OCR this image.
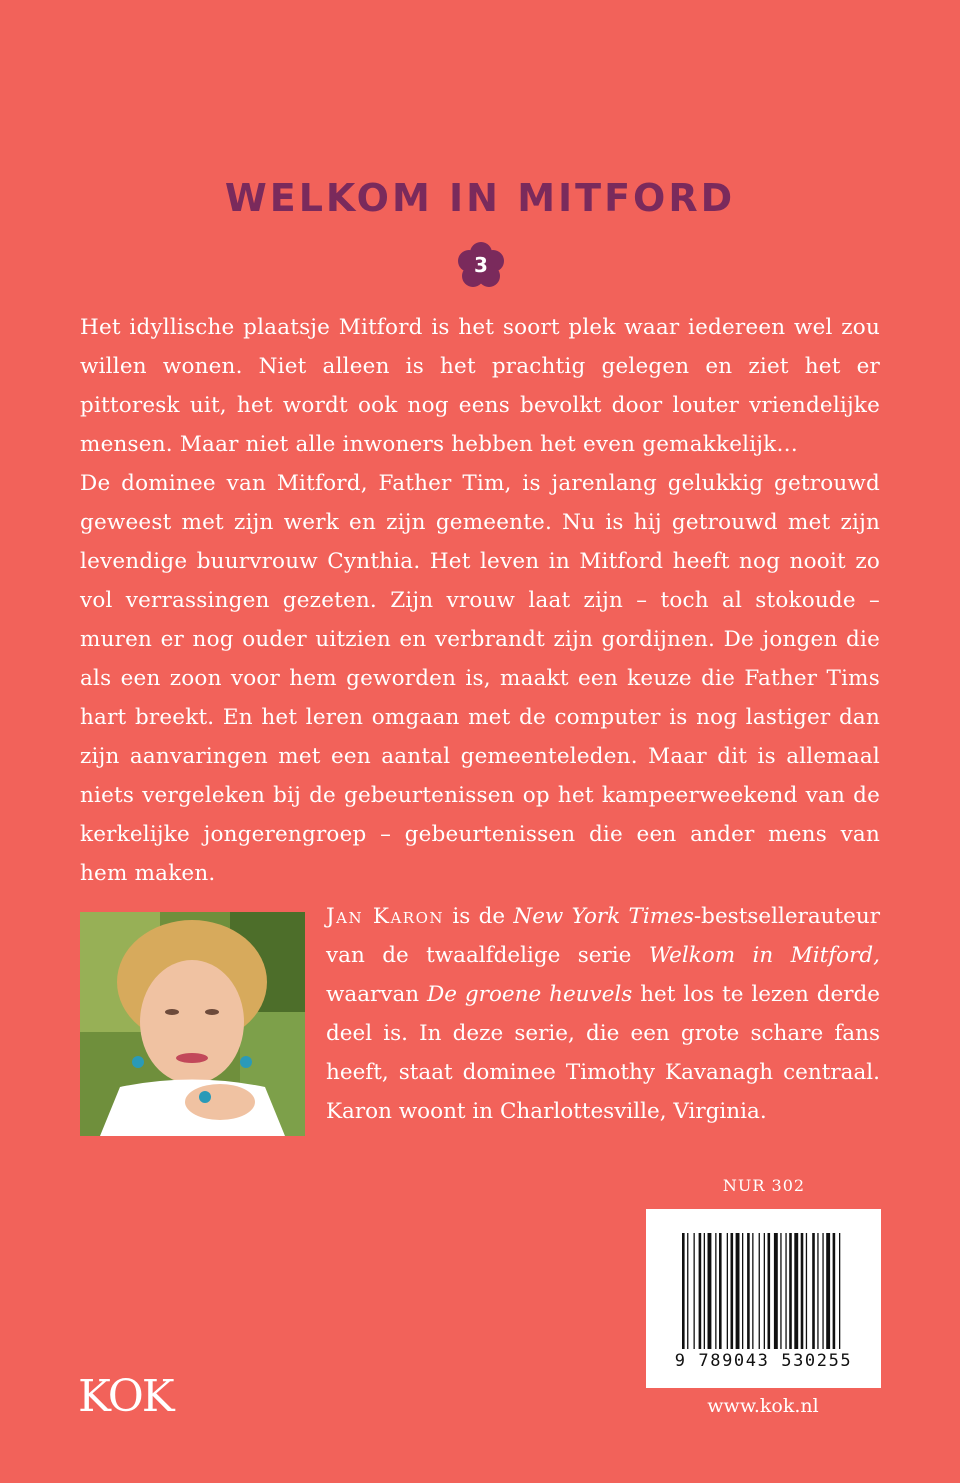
WELKOM IN MITFORD
3

Het idyllische plaatsje Mitford is het soort plek waar iedereen wel zou willen wonen. Niet alleen is het prachtig gelegen en ziet het er pittoresk uit, het wordt ook nog eens bevolkt door louter vriendelijke mensen. Maar niet alle inwoners hebben het even gemakkelijk…

De dominee van Mitford, Father Tim, is jarenlang gelukkig getrouwd geweest met zijn werk en zijn gemeente. Nu is hij getrouwd met zijn levendige buurvrouw Cynthia. Het leven in Mitford heeft nog nooit zo vol verrassingen gezeten. Zijn vrouw laat zijn – toch al stokoude – muren er nog ouder uitzien en verbrandt zijn gordijnen. De jongen die als een zoon voor hem geworden is, maakt een keuze die Father Tims hart breekt. En het leren omgaan met de computer is nog lastiger dan zijn aanvaringen met een aantal gemeenteleden. Maar dit is allemaal niets vergeleken bij de gebeurtenissen op het kampeerweekend van de kerkelijke jongerengroep – gebeurtenissen die een ander mens van hem maken.

Jan Karon is de New York Times-bestsellerauteur van de twaalfdelige serie Welkom in Mitford, waarvan De groene heuvels het los te lezen derde deel is. In deze serie, die een grote schare fans heeft, staat dominee Timothy Kavanagh centraal. Karon woont in Charlottesville, Virginia.
NUR 302
9 789043 530255
www.kok.nl
KOK
